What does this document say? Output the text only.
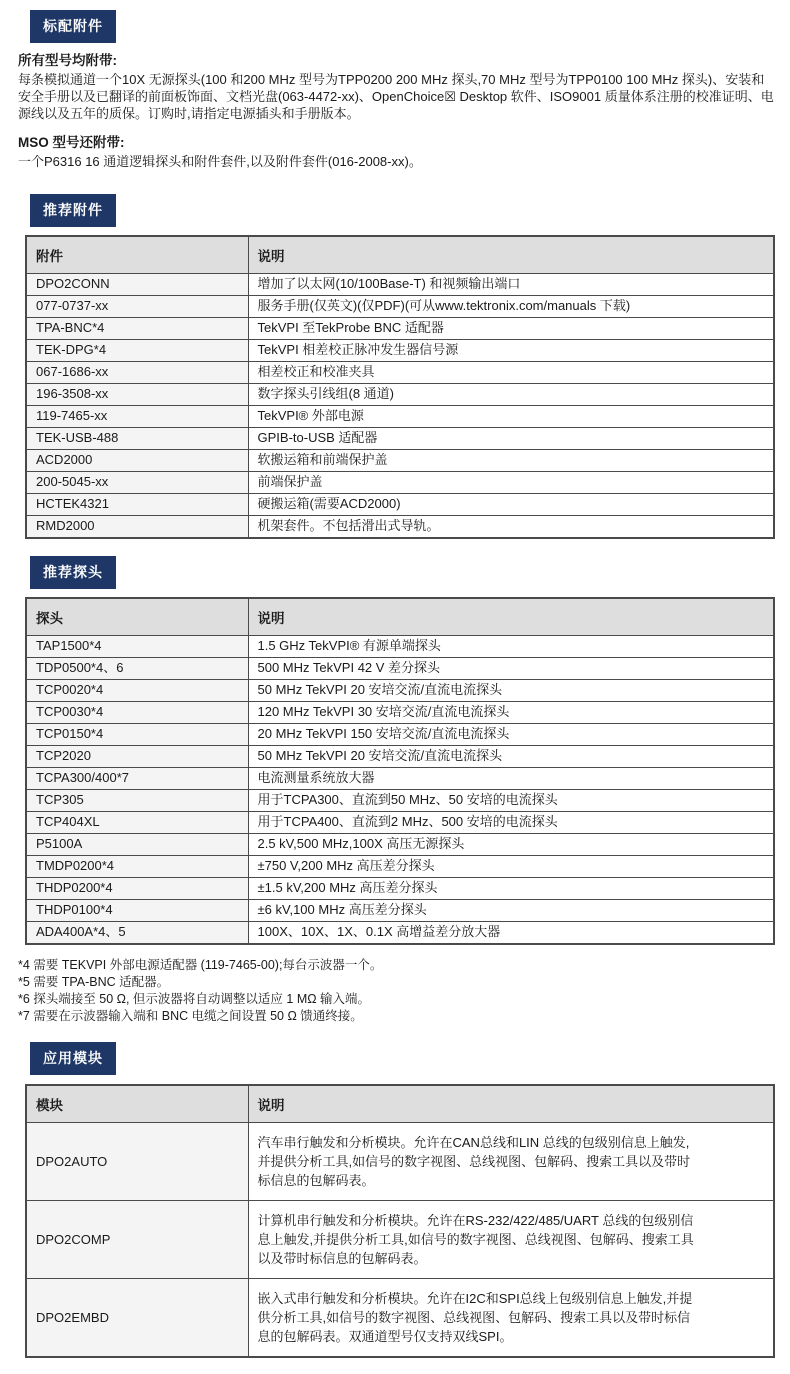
标配附件
所有型号均附带:
每条模拟通道一个10X 无源探头(100 和200 MHz 型号为TPP0200 200 MHz 探头,70 MHz 型号为TPP0100 100 MHz 探头)、安装和安全手册以及已翻译的前面板饰面、文档光盘(063-4472-xx)、OpenChoice☒ Desktop 软件、ISO9001 质量体系注册的校准证明、电源线以及五年的质保。订购时,请指定电源插头和手册版本。
MSO 型号还附带:
一个P6316 16 通道逻辑探头和附件套件,以及附件套件(016-2008-xx)。
推荐附件
附件	说明
DPO2CONN	增加了以太网(10/100Base-T) 和视频输出端口
077-0737-xx	服务手册(仅英文)(仅PDF)(可从www.tektronix.com/manuals 下载)
TPA-BNC*4	TekVPI 至TekProbe BNC 适配器
TEK-DPG*4	TekVPI 相差校正脉冲发生器信号源
067-1686-xx	相差校正和校准夹具
196-3508-xx	数字探头引线组(8 通道)
119-7465-xx	TekVPI® 外部电源
TEK-USB-488	GPIB-to-USB 适配器
ACD2000	软搬运箱和前端保护盖
200-5045-xx	前端保护盖
HCTEK4321	硬搬运箱(需要ACD2000)
RMD2000	机架套件。不包括滑出式导轨。
推荐探头
探头	说明
TAP1500*4	1.5 GHz TekVPI® 有源单端探头
TDP0500*4、6	500 MHz TekVPI 42 V 差分探头
TCP0020*4	50 MHz TekVPI 20 安培交流/直流电流探头
TCP0030*4	120 MHz TekVPI 30 安培交流/直流电流探头
TCP0150*4	20 MHz TekVPI 150 安培交流/直流电流探头
TCP2020	50 MHz TekVPI 20 安培交流/直流电流探头
TCPA300/400*7	电流测量系统放大器
TCP305	用于TCPA300、直流到50 MHz、50 安培的电流探头
TCP404XL	用于TCPA400、直流到2 MHz、500 安培的电流探头
P5100A	2.5 kV,500 MHz,100X 高压无源探头
TMDP0200*4	±750 V,200 MHz 高压差分探头
THDP0200*4	±1.5 kV,200 MHz 高压差分探头
THDP0100*4	±6 kV,100 MHz 高压差分探头
ADA400A*4、5	100X、10X、1X、0.1X 高增益差分放大器
*4 需要 TEKVPI 外部电源适配器 (119-7465-00);每台示波器一个。
*5 需要 TPA-BNC 适配器。
*6 探头端接至 50 Ω, 但示波器将自动调整以适应 1 MΩ 输入端。
*7 需要在示波器输入端和 BNC 电缆之间设置 50 Ω 馈通终接。
应用模块
模块	说明
DPO2AUTO	汽车串行触发和分析模块。允许在CAN总线和LIN 总线的包级别信息上触发,并提供分析工具,如信号的数字视图、总线视图、包解码、搜索工具以及带时标信息的包解码表。
DPO2COMP	计算机串行触发和分析模块。允许在RS-232/422/485/UART 总线的包级别信息上触发,并提供分析工具,如信号的数字视图、总线视图、包解码、搜索工具以及带时标信息的包解码表。
DPO2EMBD	嵌入式串行触发和分析模块。允许在I2C和SPI总线上包级别信息上触发,并提供分析工具,如信号的数字视图、总线视图、包解码、搜索工具以及带时标信息的包解码表。双通道型号仅支持双线SPI。
